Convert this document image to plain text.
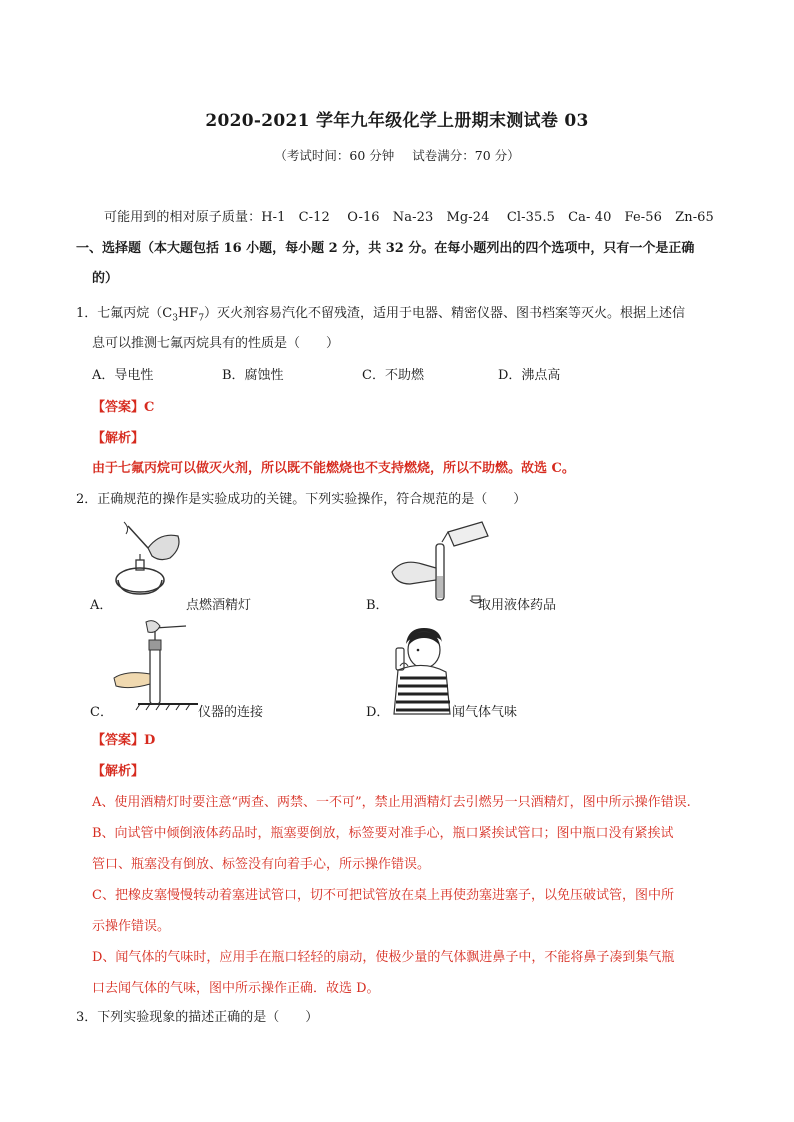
2020-2021 学年九年级化学上册期末测试卷 03
（考试时间：60 分钟 试卷满分：70 分）
可能用到的相对原子质量：H-1　C-12　 O-16　Na-23　Mg-24　 Cl-35.5　Ca- 40　Fe-56　Zn-65
一、选择题（本大题包括 16 小题，每小题 2 分，共 32 分。在每小题列出的四个选项中，只有一个是正确
的）
1．七氟丙烷$(C_3HF_7)$灭火剂容易汽化不留残渣，适用于电器、精密仪器、图书档案等灭火。根据上述信
息可以推测七氟丙烷具有的性质是（　　）
A．导电性	B．腐蚀性	C．不助燃	D．沸点高
【答案】C
【解析】
由于七氟丙烷可以做灭火剂，所以既不能燃烧也不支持燃烧，所以不助燃。故选 C。
2．正确规范的操作是实验成功的关键。下列实验操作，符合规范的是（　　）
A．	点燃酒精灯	B．	取用液体药品
C．	仪器的连接	D．	闻气体气味
【答案】D
【解析】
A、使用酒精灯时要注意“两查、两禁、一不可”，禁止用酒精灯去引燃另一只酒精灯，图中所示操作错误.
B、向试管中倾倒液体药品时，瓶塞要倒放，标签要对准手心，瓶口紧挨试管口；图中瓶口没有紧挨试
管口、瓶塞没有倒放、标签没有向着手心，所示操作错误。
C、把橡皮塞慢慢转动着塞进试管口，切不可把试管放在桌上再使劲塞进塞子，以免压破试管，图中所
示操作错误。
D、闻气体的气味时，应用手在瓶口轻轻的扇动，使极少量的气体飘进鼻子中，不能将鼻子凑到集气瓶
口去闻气体的气味，图中所示操作正确．故选 D。
3．下列实验现象的描述正确的是（　　）
